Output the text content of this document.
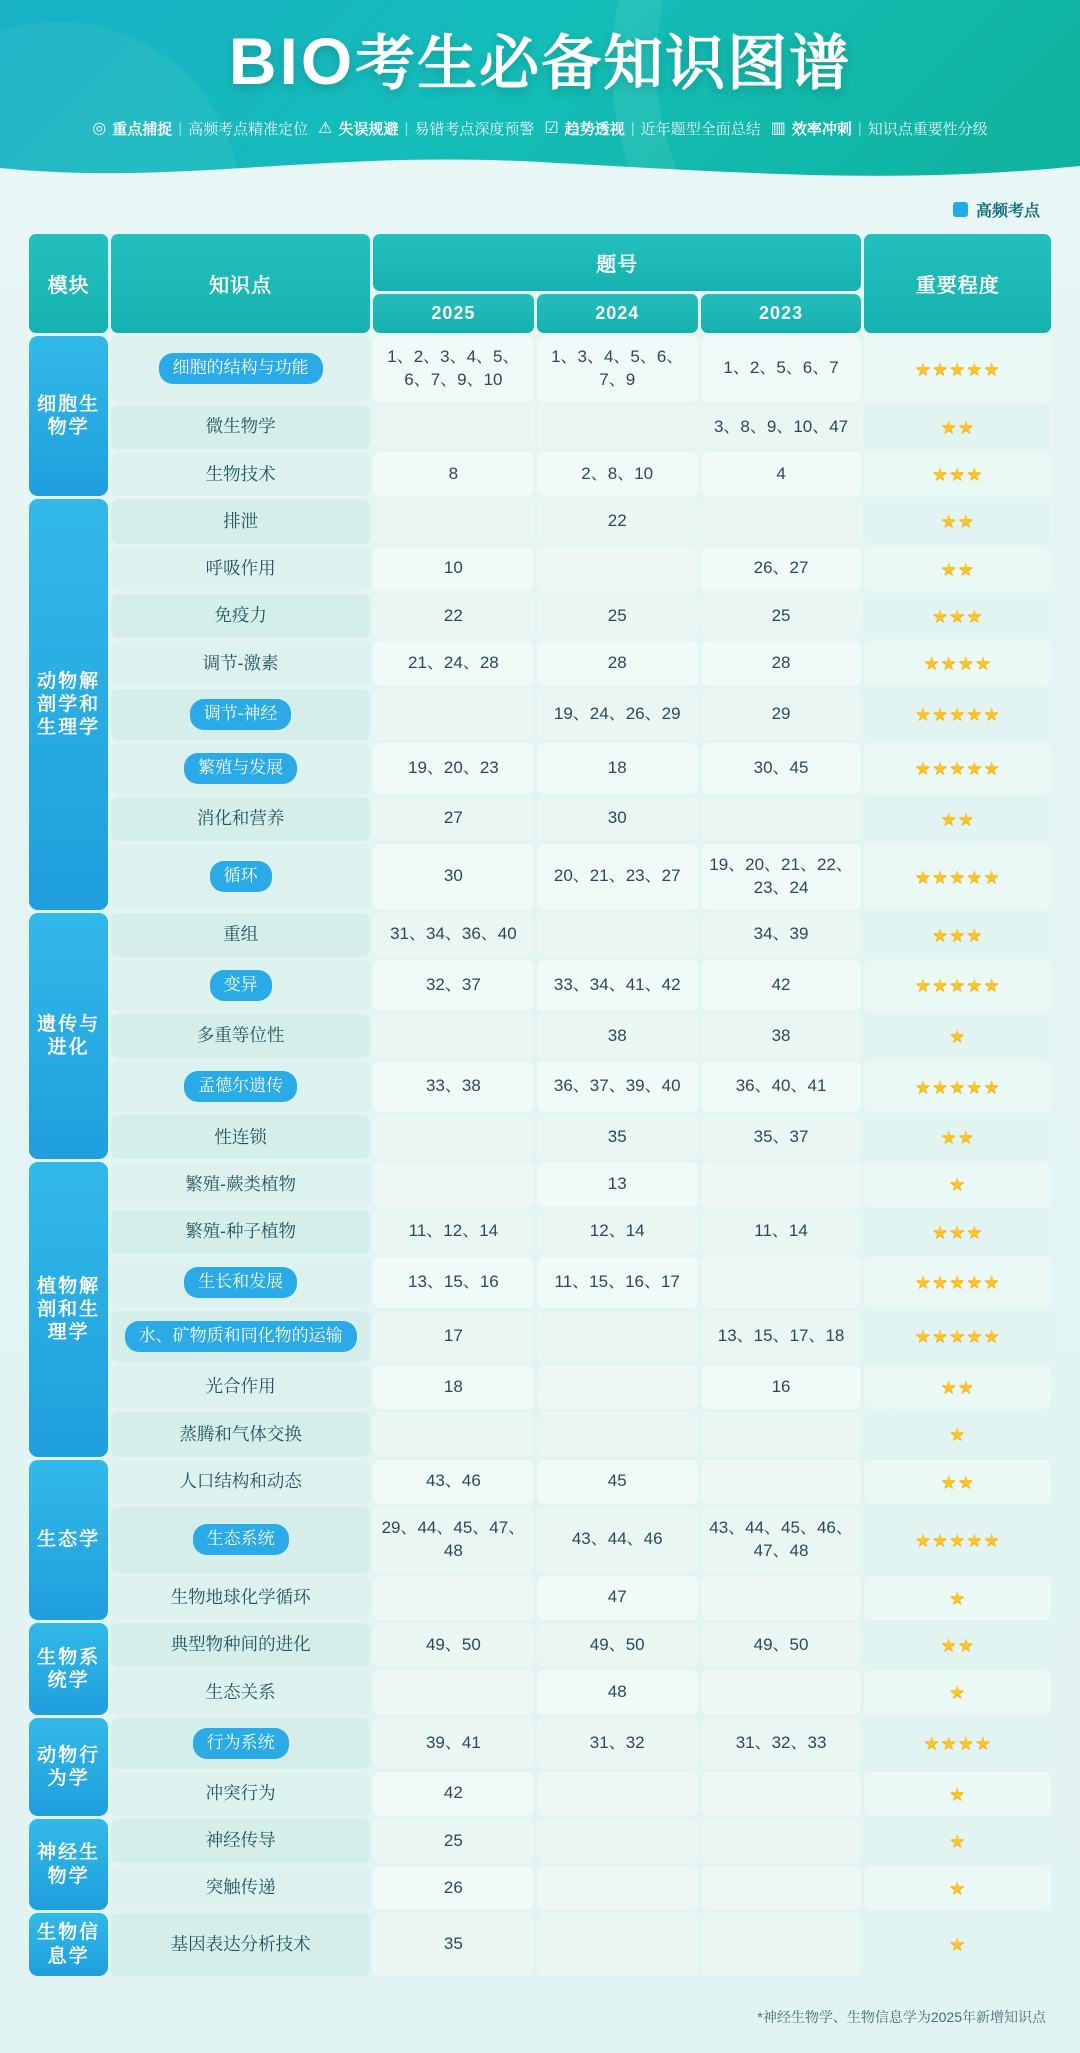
BIO考生必备知识图谱
◎ 重点捕捉 | 高频考点精准定位 ⚠ 失误规避 | 易错考点深度预警 ☑ 趋势透视 | 近年题型全面总结 ▥ 效率冲刺 | 知识点重要性分级
高频考点
模块	知识点	题号			重要程度
		2025	2024	2023	
细胞生物学	细胞的结构与功能	1、2、3、4、5、6、7、9、10	1、3、4、5、6、7、9	1、2、5、6、7	★★★★★
	微生物学			3、8、9、10、47	★★
	生物技术	8	2、8、10	4	★★★
动物解剖学和生理学	排泄		22		★★
	呼吸作用	10		26、27	★★
	免疫力	22	25	25	★★★
	调节-激素	21、24、28	28	28	★★★★
	调节-神经		19、24、26、29	29	★★★★★
	繁殖与发展	19、20、23	18	30、45	★★★★★
	消化和营养	27	30		★★
	循环	30	20、21、23、27	19、20、21、22、23、24	★★★★★
遗传与进化	重组	31、34、36、40		34、39	★★★
	变异	32、37	33、34、41、42	42	★★★★★
	多重等位性		38	38	★
	孟德尔遗传	33、38	36、37、39、40	36、40、41	★★★★★
	性连锁		35	35、37	★★
植物解剖和生理学	繁殖-蕨类植物		13		★
	繁殖-种子植物	11、12、14	12、14	11、14	★★★
	生长和发展	13、15、16	11、15、16、17		★★★★★
	水、矿物质和同化物的运输	17		13、15、17、18	★★★★★
	光合作用	18		16	★★
	蒸腾和气体交换				★
生态学	人口结构和动态	43、46	45		★★
	生态系统	29、44、45、47、48	43、44、46	43、44、45、46、47、48	★★★★★
	生物地球化学循环		47		★
生物系统学	典型物种间的进化	49、50	49、50	49、50	★★
	生态关系		48		★
动物行为学	行为系统	39、41	31、32	31、32、33	★★★★
	冲突行为	42			★
神经生物学	神经传导	25			★
	突触传递	26			★
生物信息学	基因表达分析技术	35			★
*神经生物学、生物信息学为2025年新增知识点
